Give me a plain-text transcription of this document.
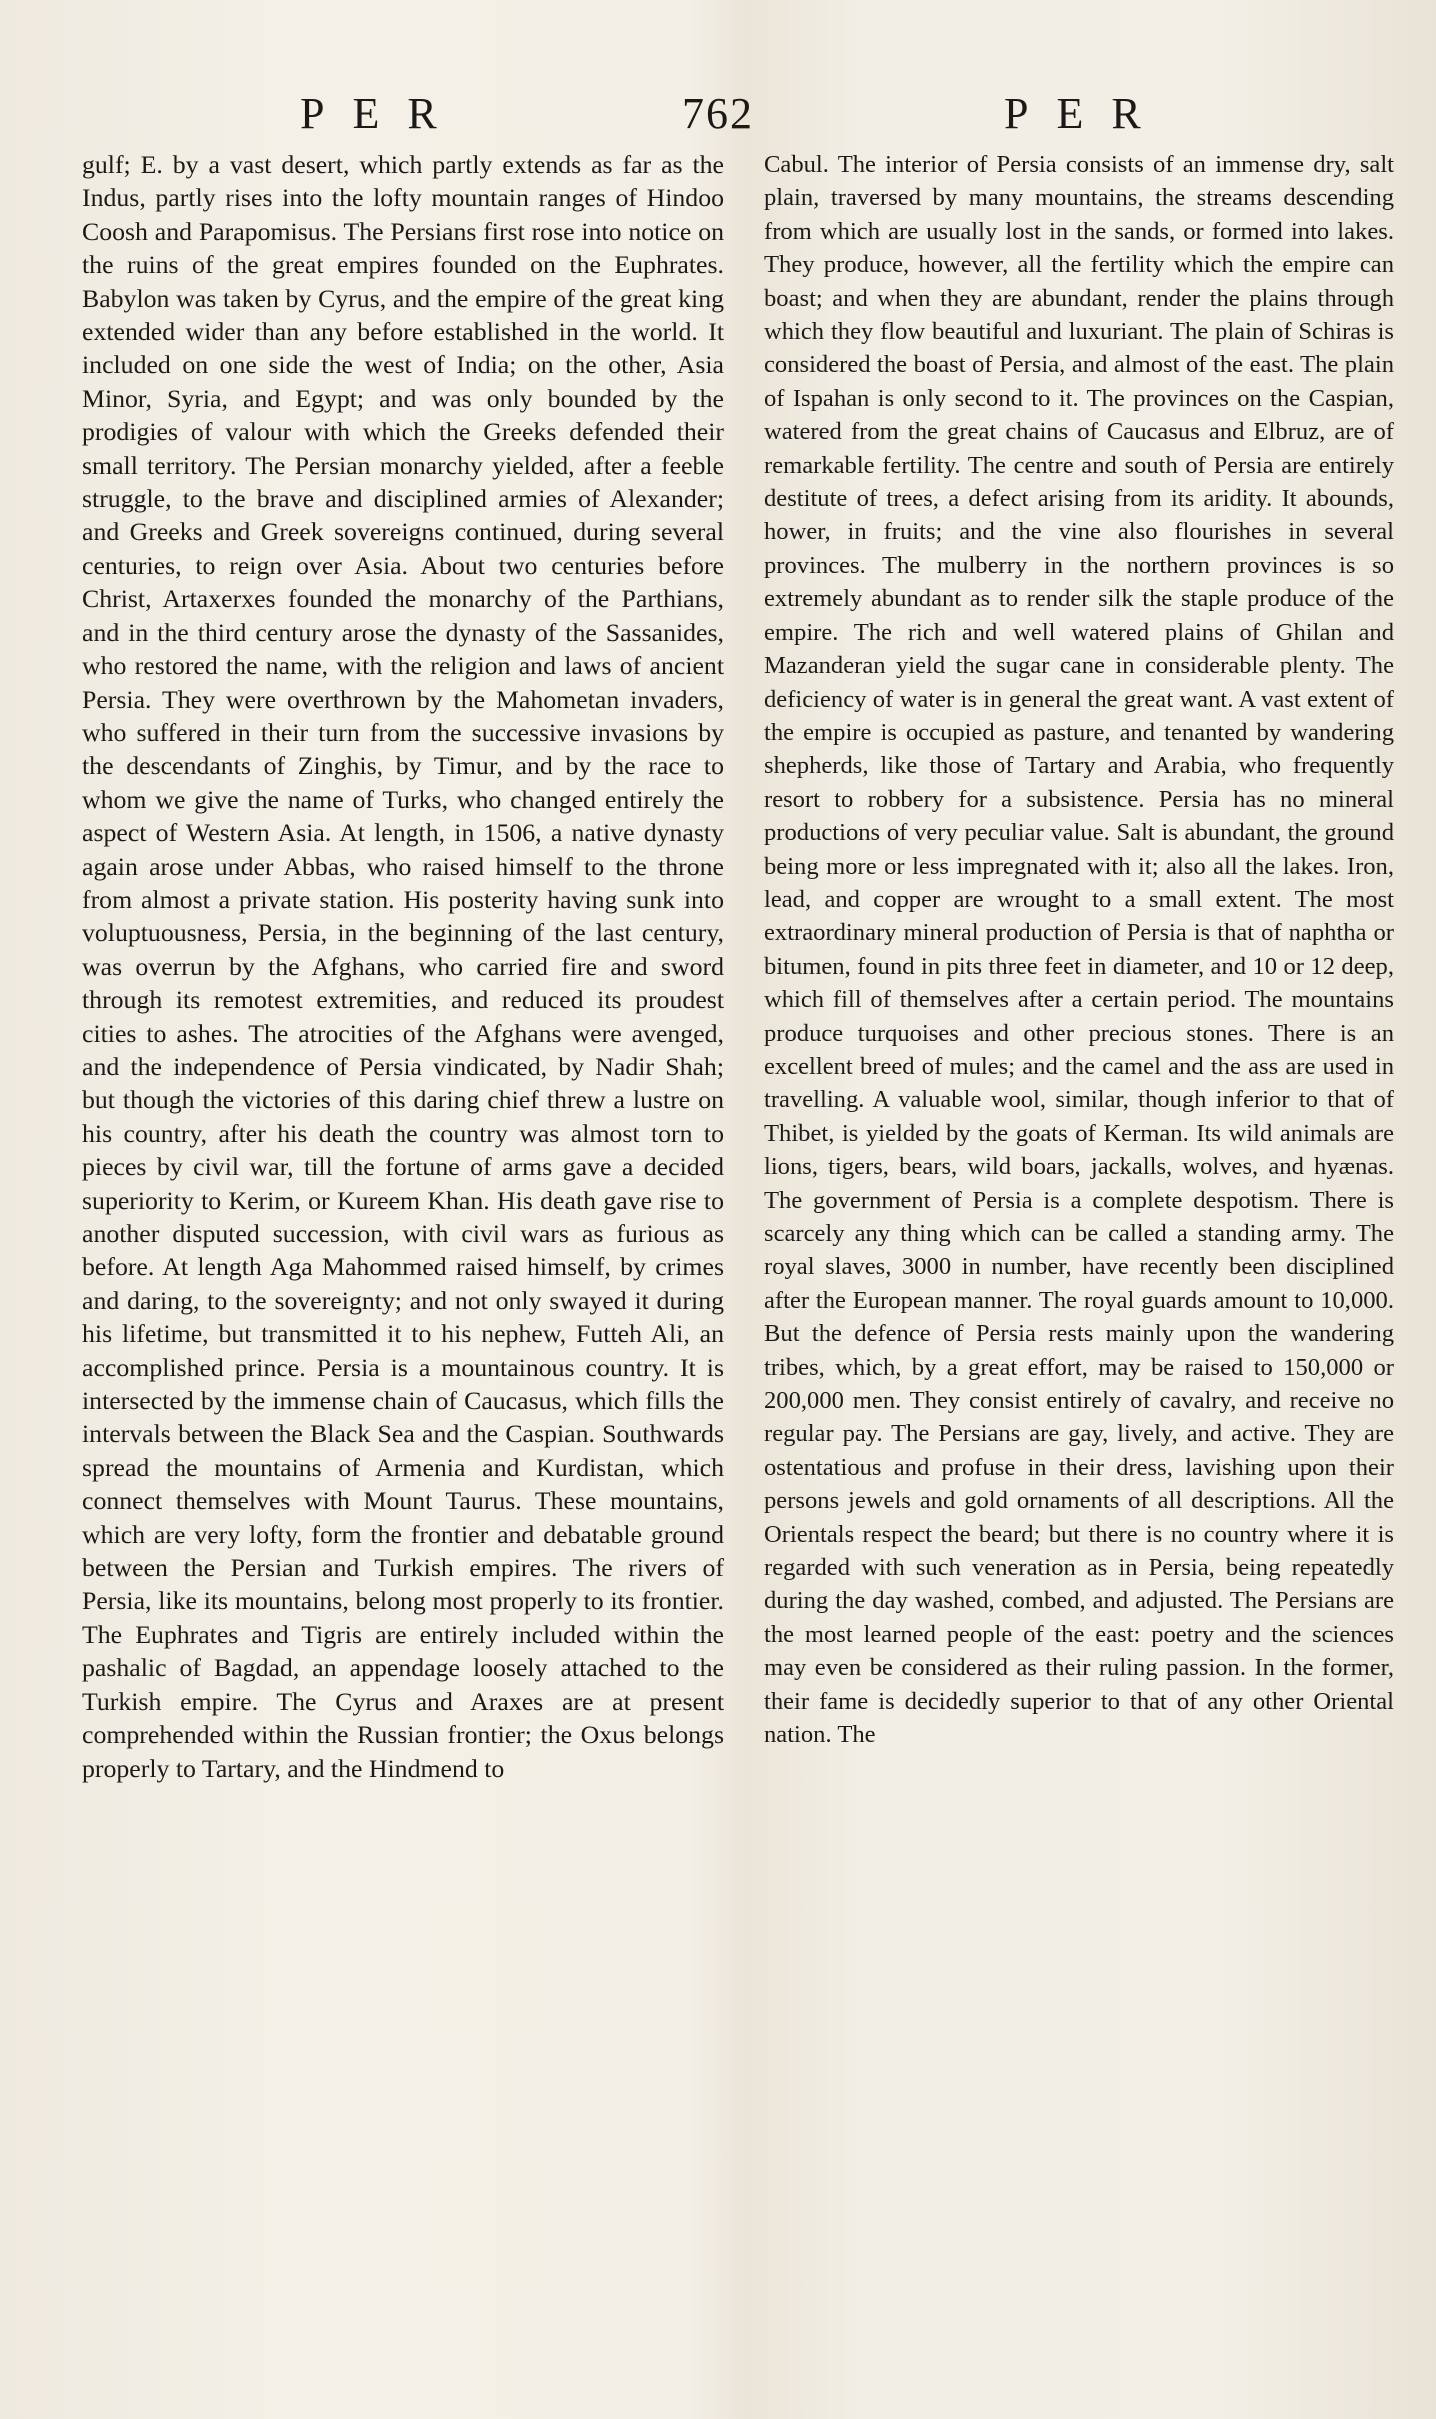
PER	762	PER

gulf; E. by a vast desert, which partly extends as far as the Indus, partly rises into the lofty mountain ranges of Hindoo Coosh and Parapomisus. The Persians first rose into notice on the ruins of the great empires founded on the Euphrates. Babylon was taken by Cyrus, and the empire of the great king extended wider than any before established in the world. It included on one side the west of India; on the other, Asia Minor, Syria, and Egypt; and was only bounded by the prodigies of valour with which the Greeks defended their small territory. The Persian monarchy yielded, after a feeble struggle, to the brave and disciplined armies of Alexander; and Greeks and Greek sovereigns continued, during several centuries, to reign over Asia. About two centuries before Christ, Artaxerxes founded the monarchy of the Parthians, and in the third century arose the dynasty of the Sassanides, who restored the name, with the religion and laws of ancient Persia. They were overthrown by the Mahometan invaders, who suffered in their turn from the successive invasions by the descendants of Zinghis, by Timur, and by the race to whom we give the name of Turks, who changed entirely the aspect of Western Asia. At length, in 1506, a native dynasty again arose under Abbas, who raised himself to the throne from almost a private station. His posterity having sunk into voluptuousness, Persia, in the beginning of the last century, was overrun by the Afghans, who carried fire and sword through its remotest extremities, and reduced its proudest cities to ashes. The atrocities of the Afghans were avenged, and the independence of Persia vindicated, by Nadir Shah; but though the victories of this daring chief threw a lustre on his country, after his death the country was almost torn to pieces by civil war, till the fortune of arms gave a decided superiority to Kerim, or Kureem Khan. His death gave rise to another disputed succession, with civil wars as furious as before. At length Aga Mahommed raised himself, by crimes and daring, to the sovereignty; and not only swayed it during his lifetime, but transmitted it to his nephew, Futteh Ali, an accomplished prince. Persia is a mountainous country. It is intersected by the immense chain of Caucasus, which fills the intervals between the Black Sea and the Caspian. Southwards spread the mountains of Armenia and Kurdistan, which connect themselves with Mount Taurus. These mountains, which are very lofty, form the frontier and debatable ground between the Persian and Turkish empires. The rivers of Persia, like its mountains, belong most properly to its frontier. The Euphrates and Tigris are entirely included within the pashalic of Bagdad, an appendage loosely attached to the Turkish empire. The Cyrus and Araxes are at present comprehended within the Russian frontier; the Oxus belongs properly to Tartary, and the Hindmend to

Cabul. The interior of Persia consists of an immense dry, salt plain, traversed by many mountains, the streams descending from which are usually lost in the sands, or formed into lakes. They produce, however, all the fertility which the empire can boast; and when they are abundant, render the plains through which they flow beautiful and luxuriant. The plain of Schiras is considered the boast of Persia, and almost of the east. The plain of Ispahan is only second to it. The provinces on the Caspian, watered from the great chains of Caucasus and Elbruz, are of remarkable fertility. The centre and south of Persia are entirely destitute of trees, a defect arising from its aridity. It abounds, hower, in fruits; and the vine also flourishes in several provinces. The mulberry in the northern provinces is so extremely abundant as to render silk the staple produce of the empire. The rich and well watered plains of Ghilan and Mazanderan yield the sugar cane in considerable plenty. The deficiency of water is in general the great want. A vast extent of the empire is occupied as pasture, and tenanted by wandering shepherds, like those of Tartary and Arabia, who frequently resort to robbery for a subsistence. Persia has no mineral productions of very peculiar value. Salt is abundant, the ground being more or less impregnated with it; also all the lakes. Iron, lead, and copper are wrought to a small extent. The most extraordinary mineral production of Persia is that of naphtha or bitumen, found in pits three feet in diameter, and 10 or 12 deep, which fill of themselves after a certain period. The mountains produce turquoises and other precious stones. There is an excellent breed of mules; and the camel and the ass are used in travelling. A valuable wool, similar, though inferior to that of Thibet, is yielded by the goats of Kerman. Its wild animals are lions, tigers, bears, wild boars, jackalls, wolves, and hyænas. The government of Persia is a complete despotism. There is scarcely any thing which can be called a standing army. The royal slaves, 3000 in number, have recently been disciplined after the European manner. The royal guards amount to 10,000. But the defence of Persia rests mainly upon the wandering tribes, which, by a great effort, may be raised to 150,000 or 200,000 men. They consist entirely of cavalry, and receive no regular pay. The Persians are gay, lively, and active. They are ostentatious and profuse in their dress, lavishing upon their persons jewels and gold ornaments of all descriptions. All the Orientals respect the beard; but there is no country where it is regarded with such veneration as in Persia, being repeatedly during the day washed, combed, and adjusted. The Persians are the most learned people of the east: poetry and the sciences may even be considered as their ruling passion. In the former, their fame is decidedly superior to that of any other Oriental nation. The
